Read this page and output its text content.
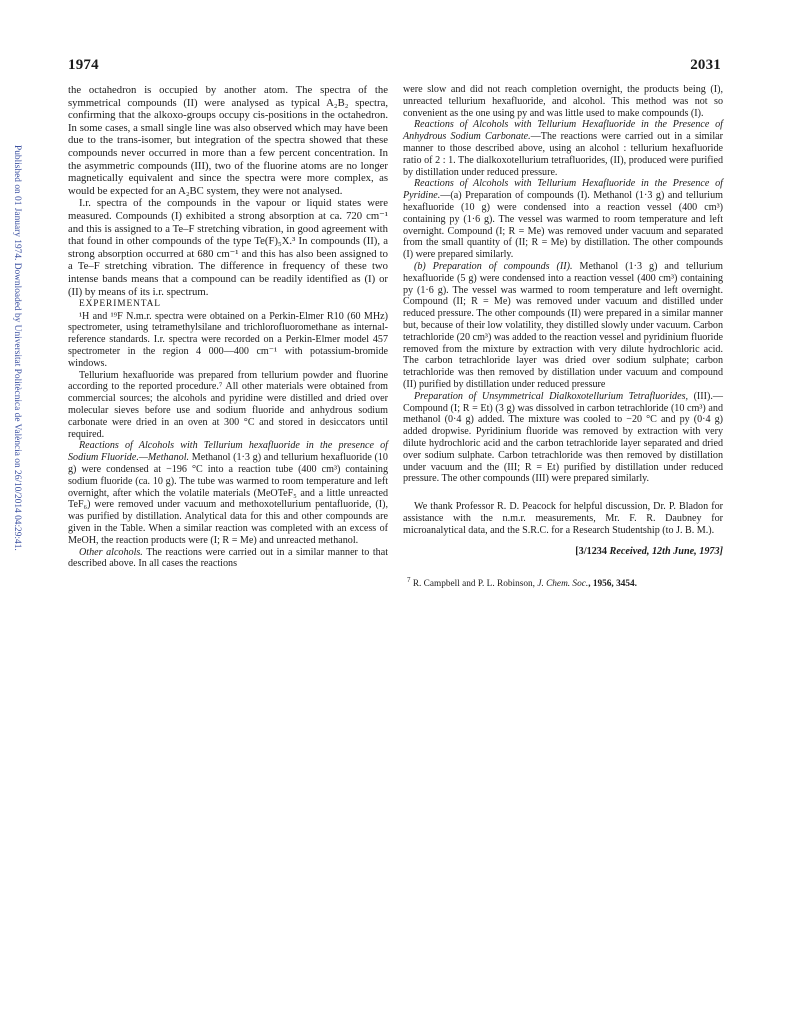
1974	2031
Published on 01 January 1974. Downloaded by Universitat Politècnica de València on 26/10/2014 04:29:41.

the octahedron is occupied by another atom. The spectra of the symmetrical compounds (II) were analysed as typical A₂B₂ spectra, confirming that the alkoxo-groups occupy cis-positions in the octahedron. In some cases, a small single line was also observed which may have been due to the trans-isomer, but integration of the spectra showed that these compounds never occurred in more than a few percent concentration. In the asymmetric compounds (III), two of the fluorine atoms are no longer magnetically equivalent and since the spectra were more complex, as would be expected for an A₂BC system, they were not analysed.

I.r. spectra of the compounds in the vapour or liquid states were measured. Compounds (I) exhibited a strong absorption at ca. 720 cm⁻¹ and this is assigned to a Te–F stretching vibration, in good agreement with that found in other compounds of the type Te(F)₅X.³ In compounds (II), a strong absorption occurred at 680 cm⁻¹ and this has also been assigned to a Te–F stretching vibration. The difference in frequency of these two intense bands means that a compound can be readily identified as (I) or (II) by means of its i.r. spectrum.

EXPERIMENTAL

¹H and ¹⁹F N.m.r. spectra were obtained on a Perkin-Elmer R10 (60 MHz) spectrometer, using tetramethylsilane and trichlorofluoromethane as internal-reference standards. I.r. spectra were recorded on a Perkin-Elmer model 457 spectrometer in the region 4 000—400 cm⁻¹ with potassium-bromide windows.

Tellurium hexafluoride was prepared from tellurium powder and fluorine according to the reported procedure.⁷ All other materials were obtained from commercial sources; the alcohols and pyridine were distilled and dried over molecular sieves before use and sodium fluoride and anhydrous sodium carbonate were dried in an oven at 300 °C and stored in desiccators until required.

Reactions of Alcohols with Tellurium hexafluoride in the presence of Sodium Fluoride.—Methanol. Methanol (1·3 g) and tellurium hexafluoride (10 g) were condensed at −196 °C into a reaction tube (400 cm³) containing sodium fluoride (ca. 10 g). The tube was warmed to room temperature and left overnight, after which the volatile materials (MeOTeF₅ and a little unreacted TeF₆) were removed under vacuum and methoxotellurium pentafluoride, (I), was purified by distillation. Analytical data for this and other compounds are given in the Table. When a similar reaction was completed with an excess of MeOH, the reaction products were (I; R = Me) and unreacted methanol.

Other alcohols. The reactions were carried out in a similar manner to that described above. In all cases the reactions

were slow and did not reach completion overnight, the products being (I), unreacted tellurium hexafluoride, and alcohol. This method was not so convenient as the one using py and was little used to make compounds (I).

Reactions of Alcohols with Tellurium Hexafluoride in the Presence of Anhydrous Sodium Carbonate.—The reactions were carried out in a similar manner to those described above, using an alcohol : tellurium hexafluoride ratio of 2 : 1. The dialkoxotellurium tetrafluorides, (II), produced were purified by distillation under reduced pressure.

Reactions of Alcohols with Tellurium Hexafluoride in the Presence of Pyridine.—(a) Preparation of compounds (I). Methanol (1·3 g) and tellurium hexafluoride (10 g) were condensed into a reaction vessel (400 cm³) containing py (1·6 g). The vessel was warmed to room temperature and left overnight. Compound (I; R = Me) was removed under vacuum and separated from the small quantity of (II; R = Me) by distillation. The other compounds (I) were prepared similarly.

(b) Preparation of compounds (II). Methanol (1·3 g) and tellurium hexafluoride (5 g) were condensed into a reaction vessel (400 cm³) containing py (1·6 g). The vessel was warmed to room temperature and left overnight. Compound (II; R = Me) was removed under vacuum and distilled under reduced pressure. The other compounds (II) were prepared in a similar manner but, because of their low volatility, they distilled slowly under vacuum. Carbon tetrachloride (20 cm³) was added to the reaction vessel and pyridinium fluoride removed from the mixture by extraction with very dilute hydrochloric acid. The carbon tetrachloride layer was dried over sodium sulphate; carbon tetrachloride was then removed by distillation under vacuum and compound (II) purified by distillation under reduced pressure

Preparation of Unsymmetrical Dialkoxotellurium Tetrafluorides, (III).—Compound (I; R = Et) (3 g) was dissolved in carbon tetrachloride (10 cm³) and methanol (0·4 g) added. The mixture was cooled to −20 °C and py (0·4 g) added dropwise. Pyridinium fluoride was removed by extraction with very dilute hydrochloric acid and the carbon tetrachloride layer separated and dried over sodium sulphate. Carbon tetrachloride was then removed by distillation under vacuum and the (III; R = Et) purified by distillation under reduced pressure. The other compounds (III) were prepared similarly.

We thank Professor R. D. Peacock for helpful discussion, Dr. P. Bladon for assistance with the n.m.r. measurements, Mr. F. R. Daubney for microanalytical data, and the S.R.C. for a Research Studentship (to J. B. M.).

[3/1234 Received, 12th June, 1973]

$^7$ R. Campbell and P. L. Robinson, J. Chem. Soc., 1956, 3454.
